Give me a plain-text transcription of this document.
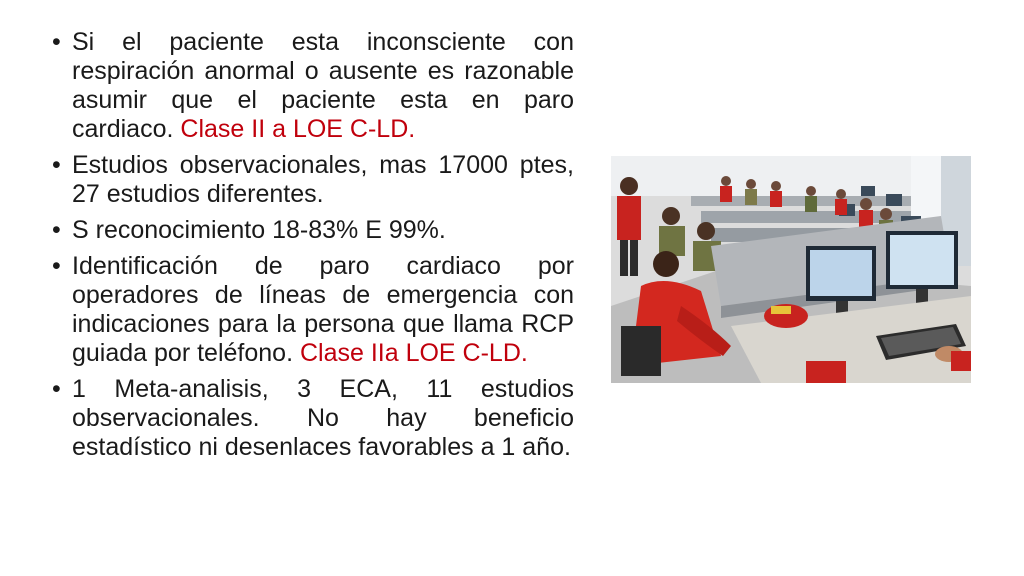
• Si el paciente esta inconsciente con respiración anormal o ausente es razonable asumir que el paciente esta en paro cardiaco. Clase II a LOE C-LD.
• Estudios observacionales, mas 17000 ptes, 27 estudios diferentes.
• S reconocimiento 18-83% E 99%.
• Identificación de paro cardiaco por operadores de líneas de emergencia con indicaciones para la persona que llama RCP guiada por teléfono. Clase IIa LOE C-LD.
• 1 Meta-analisis, 3 ECA, 11 estudios observacionales. No hay beneficio estadístico ni desenlaces favorables a 1 año.
